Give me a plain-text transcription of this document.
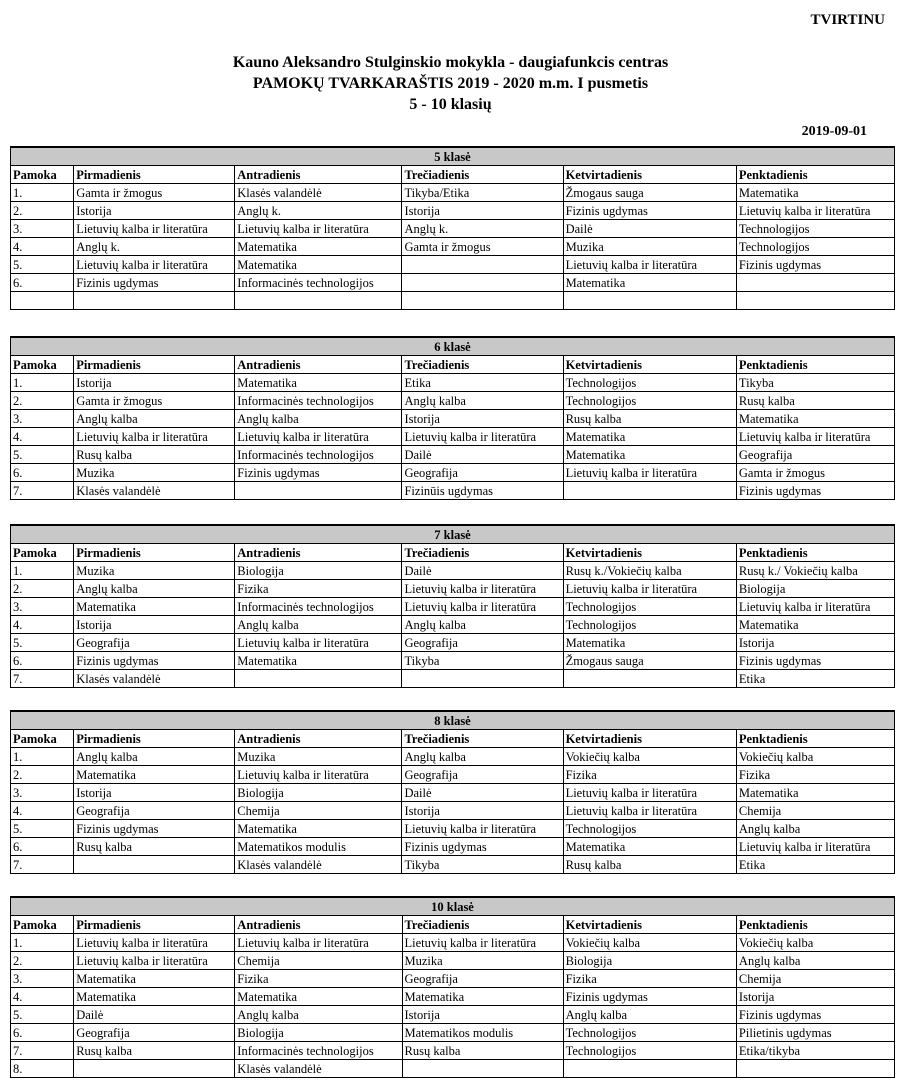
TVIRTINU
Kauno Aleksandro Stulginskio mokykla - daugiafunkcis centras
PAMOKŲ TVARKARAŠTIS 2019 - 2020 m.m. I pusmetis
5 - 10 klasių
2019-09-01
5 klasė					
Pamoka	Pirmadienis	Antradienis	Trečiadienis	Ketvirtadienis	Penktadienis
1.	Gamta ir žmogus	Klasės valandėlė	Tikyba/Etika	Žmogaus sauga	Matematika
2.	Istorija	Anglų k.	Istorija	Fizinis ugdymas	Lietuvių kalba ir literatūra
3.	Lietuvių kalba ir literatūra	Lietuvių kalba ir literatūra	Anglų k.	Dailė	Technologijos
4.	Anglų k.	Matematika	Gamta ir žmogus	Muzika	Technologijos
5.	Lietuvių kalba ir literatūra	Matematika		Lietuvių kalba ir literatūra	Fizinis ugdymas
6.	Fizinis ugdymas	Informacinės technologijos		Matematika	

6 klasė					
Pamoka	Pirmadienis	Antradienis	Trečiadienis	Ketvirtadienis	Penktadienis
1.	Istorija	Matematika	Etika	Technologijos	Tikyba
2.	Gamta ir žmogus	Informacinės technologijos	Anglų kalba	Technologijos	Rusų kalba
3.	Anglų kalba	Anglų kalba	Istorija	Rusų kalba	Matematika
4.	Lietuvių kalba ir literatūra	Lietuvių kalba ir literatūra	Lietuvių kalba ir literatūra	Matematika	Lietuvių kalba ir literatūra
5.	Rusų kalba	Informacinės technologijos	Dailė	Matematika	Geografija
6.	Muzika	Fizinis ugdymas	Geografija	Lietuvių kalba ir literatūra	Gamta ir žmogus
7.	Klasės valandėlė		Fizinūis ugdymas		Fizinis ugdymas
7 klasė					
Pamoka	Pirmadienis	Antradienis	Trečiadienis	Ketvirtadienis	Penktadienis
1.	Muzika	Biologija	Dailė	Rusų k./Vokiečių kalba	Rusų k./ Vokiečių kalba
2.	Anglų kalba	Fizika	Lietuvių kalba ir literatūra	Lietuvių kalba ir literatūra	Biologija
3.	Matematika	Informacinės technologijos	Lietuvių kalba ir literatūra	Technologijos	Lietuvių kalba ir literatūra
4.	Istorija	Anglų kalba	Anglų kalba	Technologijos	Matematika
5.	Geografija	Lietuvių kalba ir literatūra	Geografija	Matematika	Istorija
6.	Fizinis ugdymas	Matematika	Tikyba	Žmogaus sauga	Fizinis ugdymas
7.	Klasės valandėlė				Etika
8 klasė					
Pamoka	Pirmadienis	Antradienis	Trečiadienis	Ketvirtadienis	Penktadienis
1.	Anglų kalba	Muzika	Anglų kalba	Vokiečių kalba	Vokiečių kalba
2.	Matematika	Lietuvių kalba ir literatūra	Geografija	Fizika	Fizika
3.	Istorija	Biologija	Dailė	Lietuvių kalba ir literatūra	Matematika
4.	Geografija	Chemija	Istorija	Lietuvių kalba ir literatūra	Chemija
5.	Fizinis ugdymas	Matematika	Lietuvių kalba ir literatūra	Technologijos	Anglų kalba
6.	Rusų kalba	Matematikos modulis	Fizinis ugdymas	Matematika	Lietuvių kalba ir literatūra
7.		Klasės valandėlė	Tikyba	Rusų kalba	Etika
10 klasė					
Pamoka	Pirmadienis	Antradienis	Trečiadienis	Ketvirtadienis	Penktadienis
1.	Lietuvių kalba ir literatūra	Lietuvių kalba ir literatūra	Lietuvių kalba ir literatūra	Vokiečių kalba	Vokiečių kalba
2.	Lietuvių kalba ir literatūra	Chemija	Muzika	Biologija	Anglų kalba
3.	Matematika	Fizika	Geografija	Fizika	Chemija
4.	Matematika	Matematika	Matematika	Fizinis ugdymas	Istorija
5.	Dailė	Anglų kalba	Istorija	Anglų kalba	Fizinis ugdymas
6.	Geografija	Biologija	Matematikos modulis	Technologijos	Pilietinis ugdymas
7.	Rusų kalba	Informacinės technologijos	Rusų kalba	Technologijos	Etika/tikyba
8.		Klasės valandėlė			
